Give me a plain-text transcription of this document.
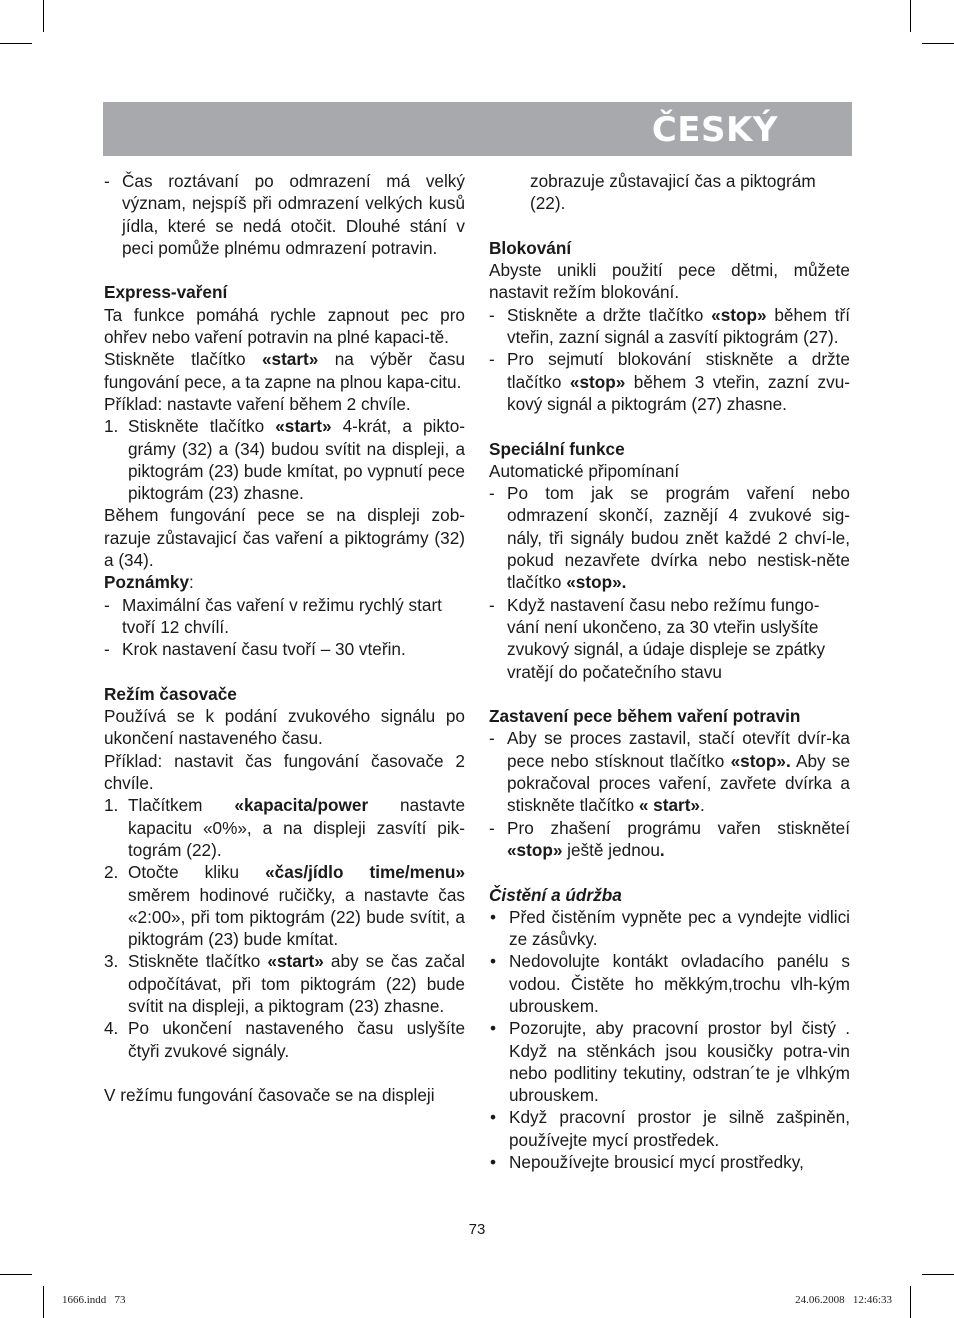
ČESKÝ
- Čas roztávaní po odmrazení má velký význam, nejspíš při odmrazení velkých kusů jídla, které se nedá otočit. Dlouhé stání v peci pomůže plnému odmrazení potravin.

Express-vaření

Ta funkce pomáhá rychle zapnout pec pro ohřev nebo vaření potravin na plné kapaci-tě.

Stiskněte tlačítko «start» na výběr času fungování pece, a ta zapne na plnou kapa-citu.

Příklad: nastavte vaření během 2 chvíle.

1. Stiskněte tlačítko «start» 4-krát, a pikto-grámy (32) a (34) budou svítit na displeji, a piktográm (23) bude kmítat, po vypnutí pece piktográm (23) zhasne.

Během fungování pece se na displeji zob-razuje zůstavajicí čas vaření a piktográmy (32) a (34).

Poznámky:

- Maximální čas vaření v režimu rychlý start tvoří 12 chvílí.
- Krok nastavení času tvoří – 30 vteřin.

Režím časovače

Používá se k podání zvukového signálu po ukončení nastaveného času.

Příklad: nastavit čas fungování časovače 2 chvíle.

1. Tlačítkem «kapacita/power nastavte kapacitu «0%», a na displeji zasvítí pik-tográm (22).
2. Otočte kliku «čas/jídlo time/menu» směrem hodinové ručičky, a nastavte čas «2:00», při tom piktográm (22) bude svítit, a piktográm (23) bude kmítat.
3. Stiskněte tlačítko «start» aby se čas začal odpočítávat, při tom piktográm (22) bude svítit na displeji, a piktogram (23) zhasne.
4. Po ukončení nastaveného času uslyšíte čtyři zvukové signály.

V režímu fungování časovače se na displeji

zobrazuje zůstavajicí čas a piktográm (22).

Blokování

Abyste unikli použití pece dětmi, můžete nastavit režím blokování.

- Stiskněte a držte tlačítko «stop» během tří vteřin, zazní signál a zasvítí piktográm (27).
- Pro sejmutí blokování stiskněte a držte tlačítko «stop» během 3 vteřin, zazní zvu-kový signál a piktográm (27) zhasne.

Speciální funkce

Automatické připomínaní

- Po tom jak se prográm vaření nebo odmrazení skončí, zaznějí 4 zvukové sig-nály, tři signály budou znět každé 2 chví-le, pokud nezavřete dvírka nebo nestisk-něte tlačítko «stop».
- Když nastavení času nebo režímu fungo-vání není ukončeno, za 30 vteřin uslyšíte zvukový signál, a údaje displeje se zpátky vratějí do počatečního stavu

Zastavení pece během vaření potravin

- Aby se proces zastavil, stačí otevřít dvír-ka pece nebo stísknout tlačítko «stop». Aby se pokračoval proces vaření, zavřete dvírka a stiskněte tlačítko « start».
- Pro zhašení prográmu vařen stiskněteí «stop» ještě jednou.

Čistění a údržba

• Před čistěním vypněte pec a vyndejte vidlici ze zásůvky.
• Nedovolujte kontákt ovladacího panélu s vodou. Čistěte ho měkkým,trochu vlh-kým ubrouskem.
• Pozorujte, aby pracovní prostor byl čistý . Když na stěnkách jsou kousičky potra-vin nebo podlitiny tekutiny, odstran´te je vlhkým ubrouskem.
• Když pracovní prostor je silně zašpiněn, používejte mycí prostředek.
• Nepoužívejte brousicí mycí prostředky,
73
1666.indd   73	24.06.2008   12:46:33
